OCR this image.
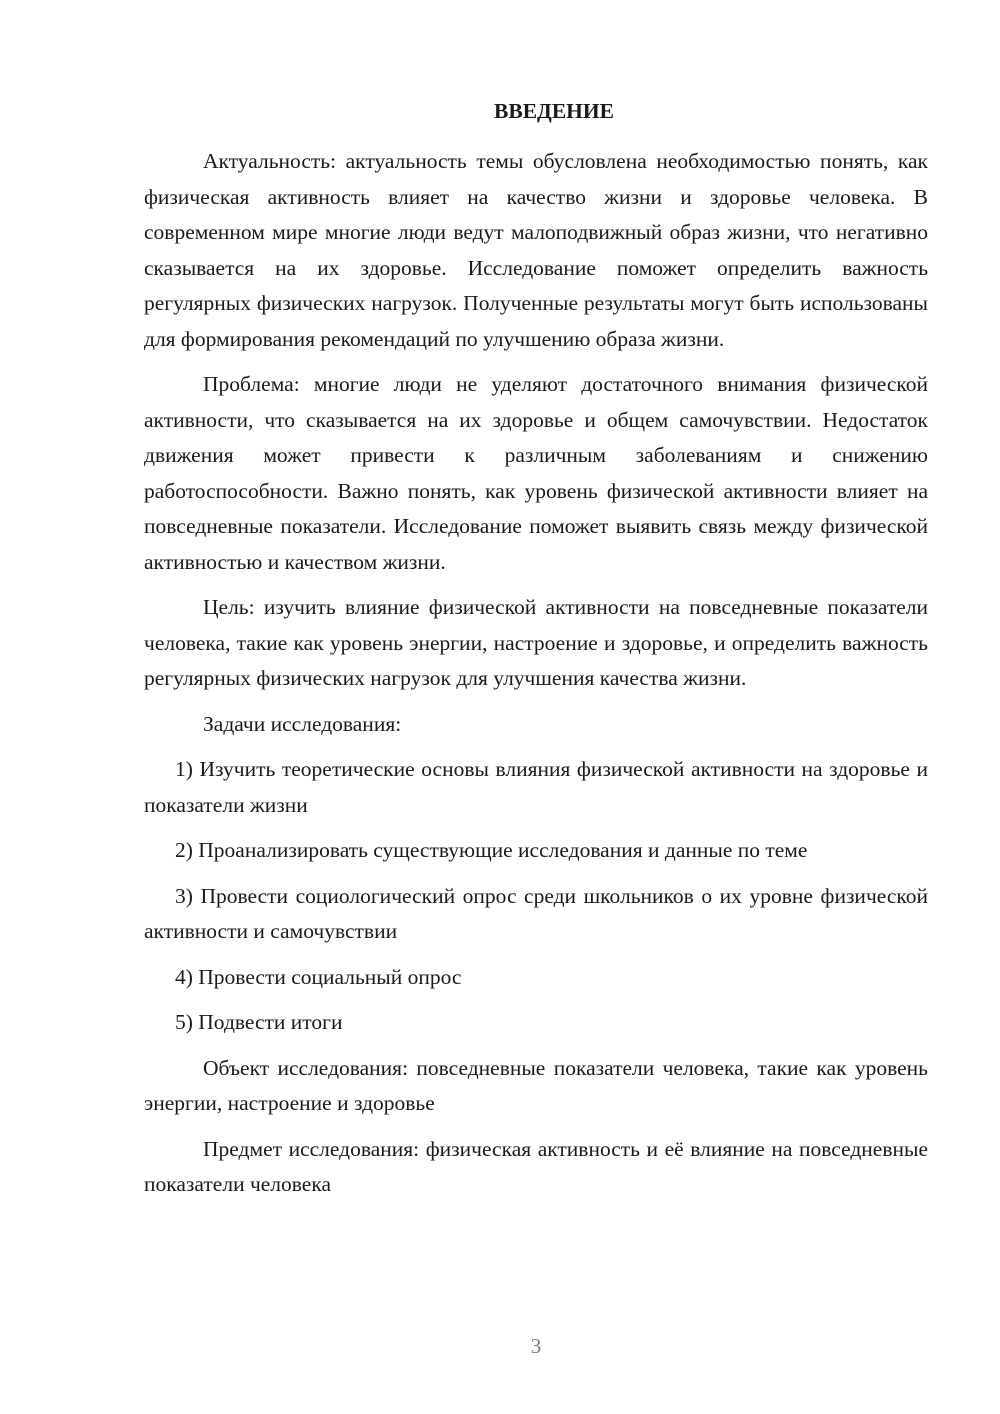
ВВЕДЕНИЕ

Актуальность: актуальность темы обусловлена необходимостью понять, как физическая активность влияет на качество жизни и здоровье человека. В современном мире многие люди ведут малоподвижный образ жизни, что негативно сказывается на их здоровье. Исследование поможет определить важность регулярных физических нагрузок. Полученные результаты могут быть использованы для формирования рекомендаций по улучшению образа жизни.

Проблема: многие люди не уделяют достаточного внимания физической активности, что сказывается на их здоровье и общем самочувствии. Недостаток движения может привести к различным заболеваниям и снижению работоспособности. Важно понять, как уровень физической активности влияет на повседневные показатели. Исследование поможет выявить связь между физической активностью и качеством жизни.

Цель: изучить влияние физической активности на повседневные показатели человека, такие как уровень энергии, настроение и здоровье, и определить важность регулярных физических нагрузок для улучшения качества жизни.

Задачи исследования:

1) Изучить теоретические основы влияния физической активности на здоровье и показатели жизни

2) Проанализировать существующие исследования и данные по теме

3) Провести социологический опрос среди школьников о их уровне физической активности и самочувствии

4) Провести социальный опрос

5) Подвести итоги

Объект исследования: повседневные показатели человека, такие как уровень энергии, настроение и здоровье

Предмет исследования: физическая активность и её влияние на повседневные показатели человека

3
